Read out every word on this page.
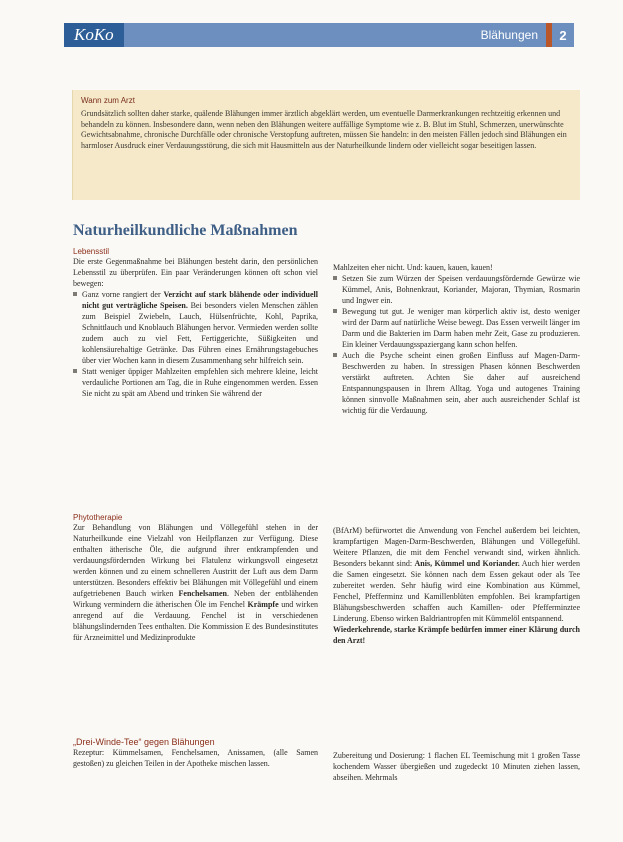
KoKo	Blähungen	2

Wann zum Arzt

Grundsätzlich sollten daher starke, quälende Blähungen immer ärztlich abgeklärt werden, um eventuelle Darmerkrankungen rechtzeitig erkennen und behandeln zu können. Insbesondere dann, wenn neben den Blähungen weitere auffällige Symptome wie z. B. Blut im Stuhl, Schmerzen, unerwünschte Gewichtsabnahme, chronische Durchfälle oder chronische Verstopfung auftreten, müssen Sie handeln: in den meisten Fällen jedoch sind Blähungen ein harmloser Ausdruck einer Verdauungsstörung, die sich mit Hausmitteln aus der Naturheilkunde lindern oder vielleicht sogar beseitigen lassen.

Naturheilkundliche Maßnahmen

Lebensstil

Die erste Gegenmaßnahme bei Blähungen besteht darin, den persönlichen Lebensstil zu überprüfen. Ein paar Veränderungen können oft schon viel bewegen:

Ganz vorne rangiert der Verzicht auf stark blähende oder individuell nicht gut verträgliche Speisen. Bei besonders vielen Menschen zählen zum Beispiel Zwiebeln, Lauch, Hülsenfrüchte, Kohl, Paprika, Schnittlauch und Knoblauch Blähungen hervor. Vermieden werden sollte zudem auch zu viel Fett, Fertiggerichte, Süßigkeiten und kohlensäurehaltige Getränke. Das Führen eines Ernährungstagebuches über vier Wochen kann in diesem Zusammenhang sehr hilfreich sein.
Statt weniger üppiger Mahlzeiten empfehlen sich mehrere kleine, leicht verdauliche Portionen am Tag, die in Ruhe eingenommen werden. Essen Sie nicht zu spät am Abend und trinken Sie während der

Mahlzeiten eher nicht. Und: kauen, kauen, kauen!

Setzen Sie zum Würzen der Speisen verdauungsfördernde Gewürze wie Kümmel, Anis, Bohnenkraut, Koriander, Majoran, Thymian, Rosmarin und Ingwer ein.
Bewegung tut gut. Je weniger man körperlich aktiv ist, desto weniger wird der Darm auf natürliche Weise bewegt. Das Essen verweilt länger im Darm und die Bakterien im Darm haben mehr Zeit, Gase zu produzieren. Ein kleiner Verdauungsspaziergang kann schon helfen.
Auch die Psyche scheint einen großen Einfluss auf Magen-Darm-Beschwerden zu haben. In stressigen Phasen können Beschwerden verstärkt auftreten. Achten Sie daher auf ausreichend Entspannungspausen in Ihrem Alltag. Yoga und autogenes Training können sinnvolle Maßnahmen sein, aber auch ausreichender Schlaf ist wichtig für die Verdauung.

Phytotherapie

Zur Behandlung von Blähungen und Völlegefühl stehen in der Naturheilkunde eine Vielzahl von Heilpflanzen zur Verfügung. Diese enthalten ätherische Öle, die aufgrund ihrer entkrampfenden und verdauungsfördernden Wirkung bei Flatulenz wirkungsvoll eingesetzt werden können und zu einem schnelleren Austritt der Luft aus dem Darm unterstützen. Besonders effektiv bei Blähungen mit Völlegefühl und einem aufgetriebenen Bauch wirken Fenchelsamen. Neben der entblähenden Wirkung vermindern die ätherischen Öle im Fenchel Krämpfe und wirken anregend auf die Verdauung. Fenchel ist in verschiedenen blähungslindernden Tees enthalten. Die Kommission E des Bundesinstitutes für Arzneimittel und Medizinprodukte

(BfArM) befürwortet die Anwendung von Fenchel außerdem bei leichten, krampfartigen Magen-Darm-Beschwerden, Blähungen und Völlegefühl. Weitere Pflanzen, die mit dem Fenchel verwandt sind, wirken ähnlich. Besonders bekannt sind: Anis, Kümmel und Koriander. Auch hier werden die Samen eingesetzt. Sie können nach dem Essen gekaut oder als Tee zubereitet werden. Sehr häufig wird eine Kombination aus Kümmel, Fenchel, Pfefferminz und Kamillenblüten empfohlen. Bei krampfartigen Blähungsbeschwerden schaffen auch Kamillen- oder Pfefferminztee Linderung. Ebenso wirken Baldriantropfen mit Kümmelöl entspannend.

Wiederkehrende, starke Krämpfe bedürfen immer einer Klärung durch den Arzt!

„Drei-Winde-Tee“ gegen Blähungen

Rezeptur: Kümmelsamen, Fenchelsamen, Anissamen, (alle Samen gestoßen) zu gleichen Teilen in der Apotheke mischen lassen.

Zubereitung und Dosierung: 1 flachen EL Teemischung mit 1 großen Tasse kochendem Wasser übergießen und zugedeckt 10 Minuten ziehen lassen, abseihen. Mehrmals
